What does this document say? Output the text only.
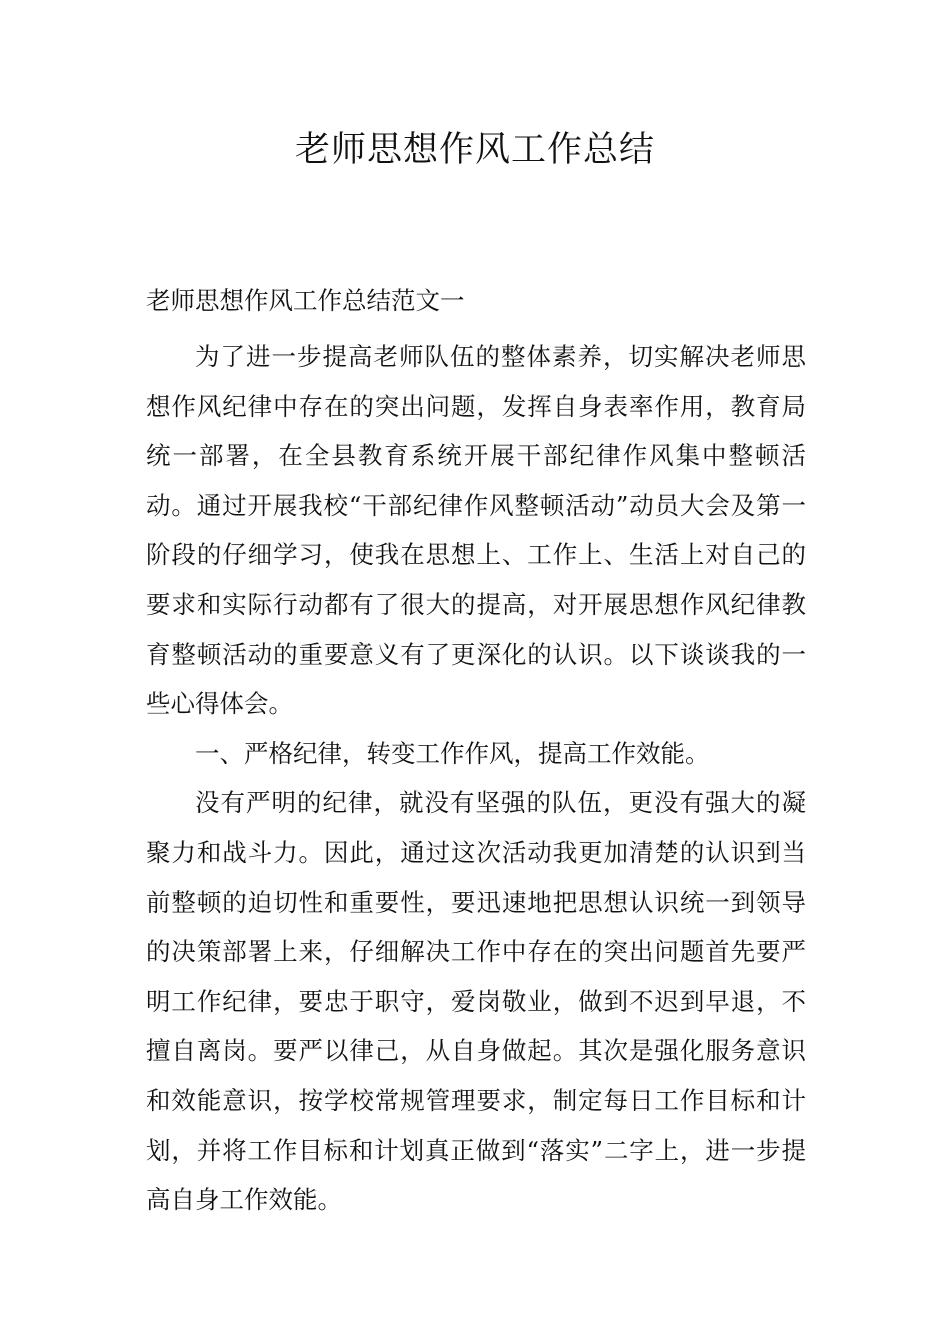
老师思想作风工作总结
老师思想作风工作总结范文一

为了进一步提高老师队伍的整体素养，切实解决老师思想作风纪律中存在的突出问题，发挥自身表率作用，教育局统一部署，在全县教育系统开展干部纪律作风集中整顿活动。通过开展我校“干部纪律作风整顿活动”动员大会及第一阶段的仔细学习，使我在思想上、工作上、生活上对自己的要求和实际行动都有了很大的提高，对开展思想作风纪律教育整顿活动的重要意义有了更深化的认识。以下谈谈我的一些心得体会。

一、严格纪律，转变工作作风，提高工作效能。

没有严明的纪律，就没有坚强的队伍，更没有强大的凝聚力和战斗力。因此，通过这次活动我更加清楚的认识到当前整顿的迫切性和重要性，要迅速地把思想认识统一到领导的决策部署上来，仔细解决工作中存在的突出问题首先要严明工作纪律，要忠于职守，爱岗敬业，做到不迟到早退，不擅自离岗。要严以律己，从自身做起。其次是强化服务意识和效能意识，按学校常规管理要求，制定每日工作目标和计划，并将工作目标和计划真正做到“落实”二字上，进一步提高自身工作效能。
